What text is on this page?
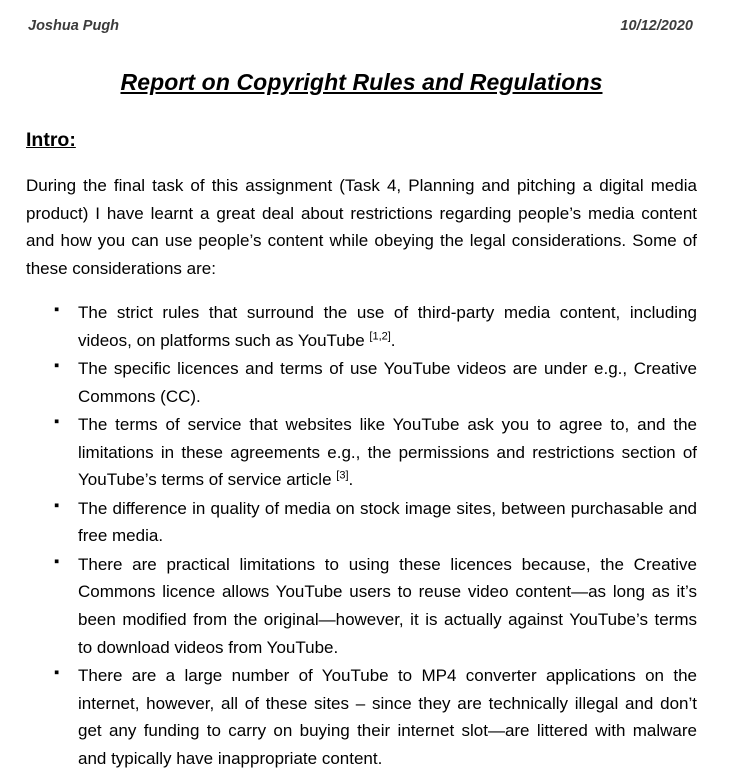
Joshua Pugh	10/12/2020
Report on Copyright Rules and Regulations
Intro:

During the final task of this assignment (Task 4, Planning and pitching a digital media product) I have learnt a great deal about restrictions regarding people’s media content and how you can use people’s content while obeying the legal considerations. Some of these considerations are:

▪ The strict rules that surround the use of third-party media content, including videos, on platforms such as YouTube [1,2].
▪ The specific licences and terms of use YouTube videos are under e.g., Creative Commons (CC).
▪ The terms of service that websites like YouTube ask you to agree to, and the limitations in these agreements e.g., the permissions and restrictions section of YouTube’s terms of service article [3].
▪ The difference in quality of media on stock image sites, between purchasable and free media.
▪ There are practical limitations to using these licences because, the Creative Commons licence allows YouTube users to reuse video content—as long as it’s been modified from the original—however, it is actually against YouTube’s terms to download videos from YouTube.
▪ There are a large number of YouTube to MP4 converter applications on the internet, however, all of these sites – since they are technically illegal and don’t get any funding to carry on buying their internet slot—are littered with malware and typically have inappropriate content.
